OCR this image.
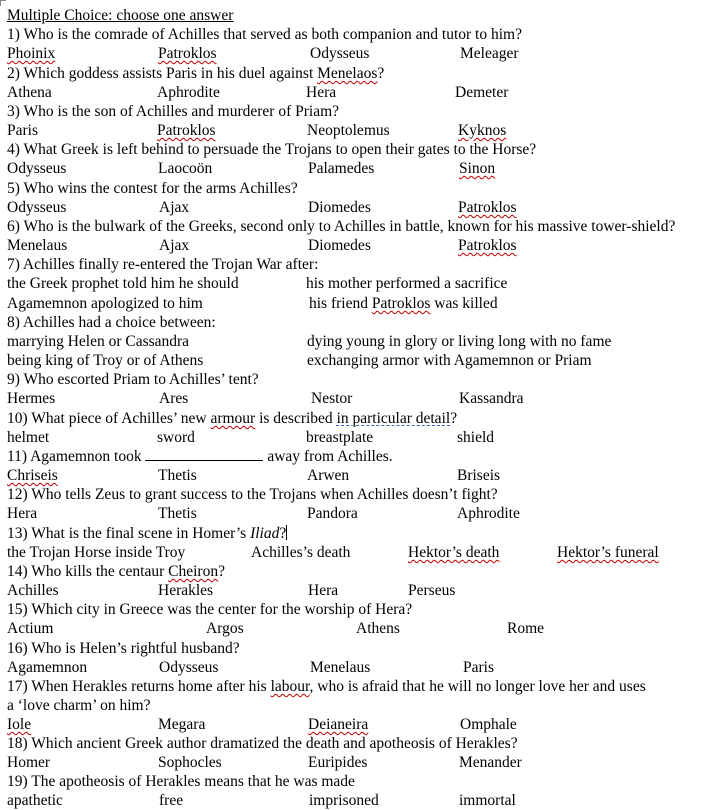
Multiple Choice: choose one answer
1) Who is the comrade of Achilles that served as both companion and tutor to him?
Phoinix	Patroklos	Odysseus	Meleager
2) Which goddess assists Paris in his duel against Menelaos?
Athena	Aphrodite	Hera	Demeter
3) Who is the son of Achilles and murderer of Priam?
Paris	Patroklos	Neoptolemus	Kyknos
4) What Greek is left behind to persuade the Trojans to open their gates to the Horse?
Odysseus	Laocoön	Palamedes	Sinon
5) Who wins the contest for the arms Achilles?
Odysseus	Ajax	Diomedes	Patroklos
6) Who is the bulwark of the Greeks, second only to Achilles in battle, known for his massive tower-shield?
Menelaus	Ajax	Diomedes	Patroklos
7) Achilles finally re-entered the Trojan War after:
the Greek prophet told him he should	his mother performed a sacrifice
Agamemnon apologized to him	his friend Patroklos was killed
8) Achilles had a choice between:
marrying Helen or Cassandra	dying young in glory or living long with no fame
being king of Troy or of Athens	exchanging armor with Agamemnon or Priam
9) Who escorted Priam to Achilles’ tent?
Hermes	Ares	Nestor	Kassandra
10) What piece of Achilles’ new armour is described in particular detail?
helmet	sword	breastplate	shield
11) Agamemnon took	away from Achilles.
Chriseis	Thetis	Arwen	Briseis
12) Who tells Zeus to grant success to the Trojans when Achilles doesn’t fight?
Hera	Thetis	Pandora	Aphrodite
13) What is the final scene in Homer’s Iliad?
the Trojan Horse inside Troy	Achilles’s death	Hektor’s death	Hektor’s funeral
14) Who kills the centaur Cheiron?
Achilles	Herakles	Hera	Perseus
15) Which city in Greece was the center for the worship of Hera?
Actium	Argos	Athens	Rome
16) Who is Helen’s rightful husband?
Agamemnon	Odysseus	Menelaus	Paris
17) When Herakles returns home after his labour, who is afraid that he will no longer love her and uses
a ‘love charm’ on him?
Iole	Megara	Deianeira	Omphale
18) Which ancient Greek author dramatized the death and apotheosis of Herakles?
Homer	Sophocles	Euripides	Menander
19) The apotheosis of Herakles means that he was made
apathetic	free	imprisoned	immortal
